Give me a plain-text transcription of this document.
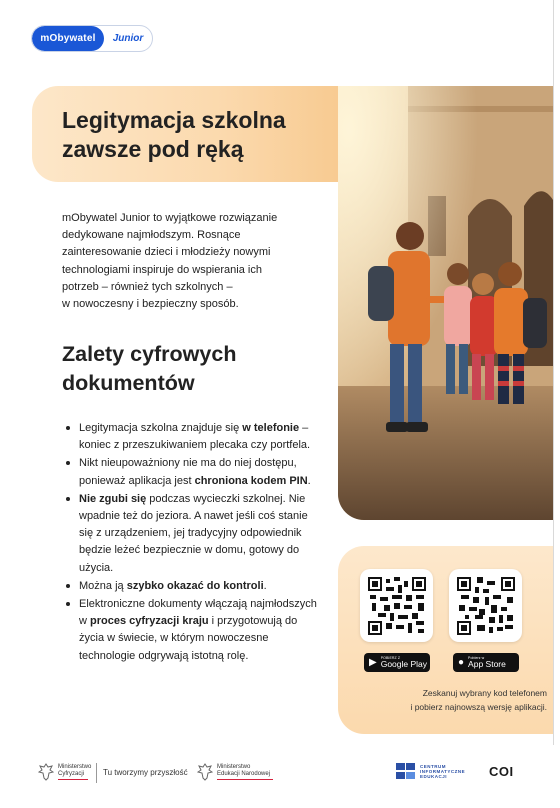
mObywatel	Junior
Legitymacja szkolna
zawsze pod ręką
mObywatel Junior to wyjątkowe rozwiązanie
dedykowane najmłodszym. Rosnące
zainteresowanie dzieci i młodzieży nowymi
technologiami inspiruje do wspierania ich
potrzeb – również tych szkolnych –
w nowoczesny i bezpieczny sposób.
Zalety cyfrowych
dokumentów
Legitymacja szkolna znajduje się w telefonie – koniec z przeszukiwaniem plecaka czy portfela.
Nikt nieupoważniony nie ma do niej dostępu, ponieważ aplikacja jest chroniona kodem PIN.
Nie zgubi się podczas wycieczki szkolnej. Nie wpadnie też do jeziora. A nawet jeśli coś stanie się z urządzeniem, jej tradycyjny odpowiednik będzie leżeć bezpiecznie w domu, gotowy do użycia.
Można ją szybko okazać do kontroli.
Elektroniczne dokumenty włączają najmłodszych w proces cyfryzacji kraju i przygotowują do życia w świecie, w którym nowoczesne technologie odgrywają istotną rolę.
▶ POBIERZ Z
Google Play	● Pobierz w
App Store
Zeskanuj wybrany kod telefonem
i pobierz najnowszą wersję aplikacji.
Ministerstwo
Cyfryzacji	Tu tworzymy przyszłość
Ministerstwo
Edukacji Narodowej
CENTRUM
INFORMATYCZNE
EDUKACJI	COI
